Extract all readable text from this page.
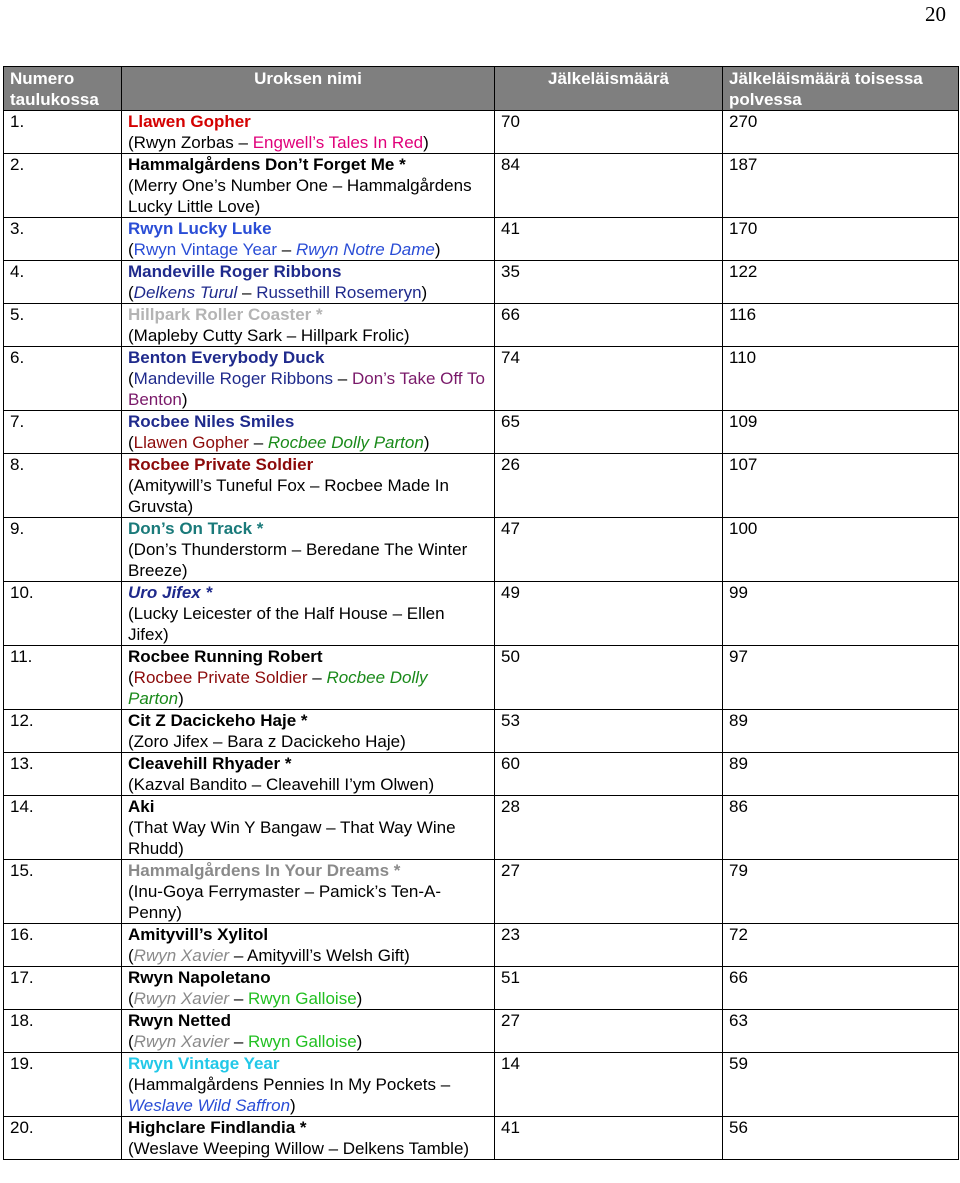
20
Numero taulukossa	Uroksen nimi	Jälkeläismäärä	Jälkeläismäärä toisessa polvessa
1.	Llawen Gopher
(Rwyn Zorbas – Engwell’s Tales In Red)	70	270
2.	Hammalgårdens Don’t Forget Me *
(Merry One’s Number One – Hammalgårdens Lucky Little Love)	84	187
3.	Rwyn Lucky Luke
(Rwyn Vintage Year – Rwyn Notre Dame)	41	170
4.	Mandeville Roger Ribbons
(Delkens Turul – Russethill Rosemeryn)	35	122
5.	Hillpark Roller Coaster *
(Mapleby Cutty Sark – Hillpark Frolic)	66	116
6.	Benton Everybody Duck
(Mandeville Roger Ribbons – Don’s Take Off To Benton)	74	110
7.	Rocbee Niles Smiles
(Llawen Gopher – Rocbee Dolly Parton)	65	109
8.	Rocbee Private Soldier
(Amitywill’s Tuneful Fox – Rocbee Made In Gruvsta)	26	107
9.	Don’s On Track *
(Don’s Thunderstorm – Beredane The Winter Breeze)	47	100
10.	Uro Jifex *
(Lucky Leicester of the Half House – Ellen Jifex)	49	99
11.	Rocbee Running Robert
(Rocbee Private Soldier – Rocbee Dolly Parton)	50	97
12.	Cit Z Dacickeho Haje *
(Zoro Jifex – Bara z Dacickeho Haje)	53	89
13.	Cleavehill Rhyader *
(Kazval Bandito – Cleavehill I’ym Olwen)	60	89
14.	Aki
(That Way Win Y Bangaw – That Way Wine Rhudd)	28	86
15.	Hammalgårdens In Your Dreams *
(Inu-Goya Ferrymaster – Pamick’s Ten-A-Penny)	27	79
16.	Amityvill’s Xylitol
(Rwyn Xavier – Amityvill’s Welsh Gift)	23	72
17.	Rwyn Napoletano
(Rwyn Xavier – Rwyn Galloise)	51	66
18.	Rwyn Netted
(Rwyn Xavier – Rwyn Galloise)	27	63
19.	Rwyn Vintage Year
(Hammalgårdens Pennies In My Pockets – Weslave Wild Saffron)	14	59
20.	Highclare Findlandia *
(Weslave Weeping Willow – Delkens Tamble)	41	56
